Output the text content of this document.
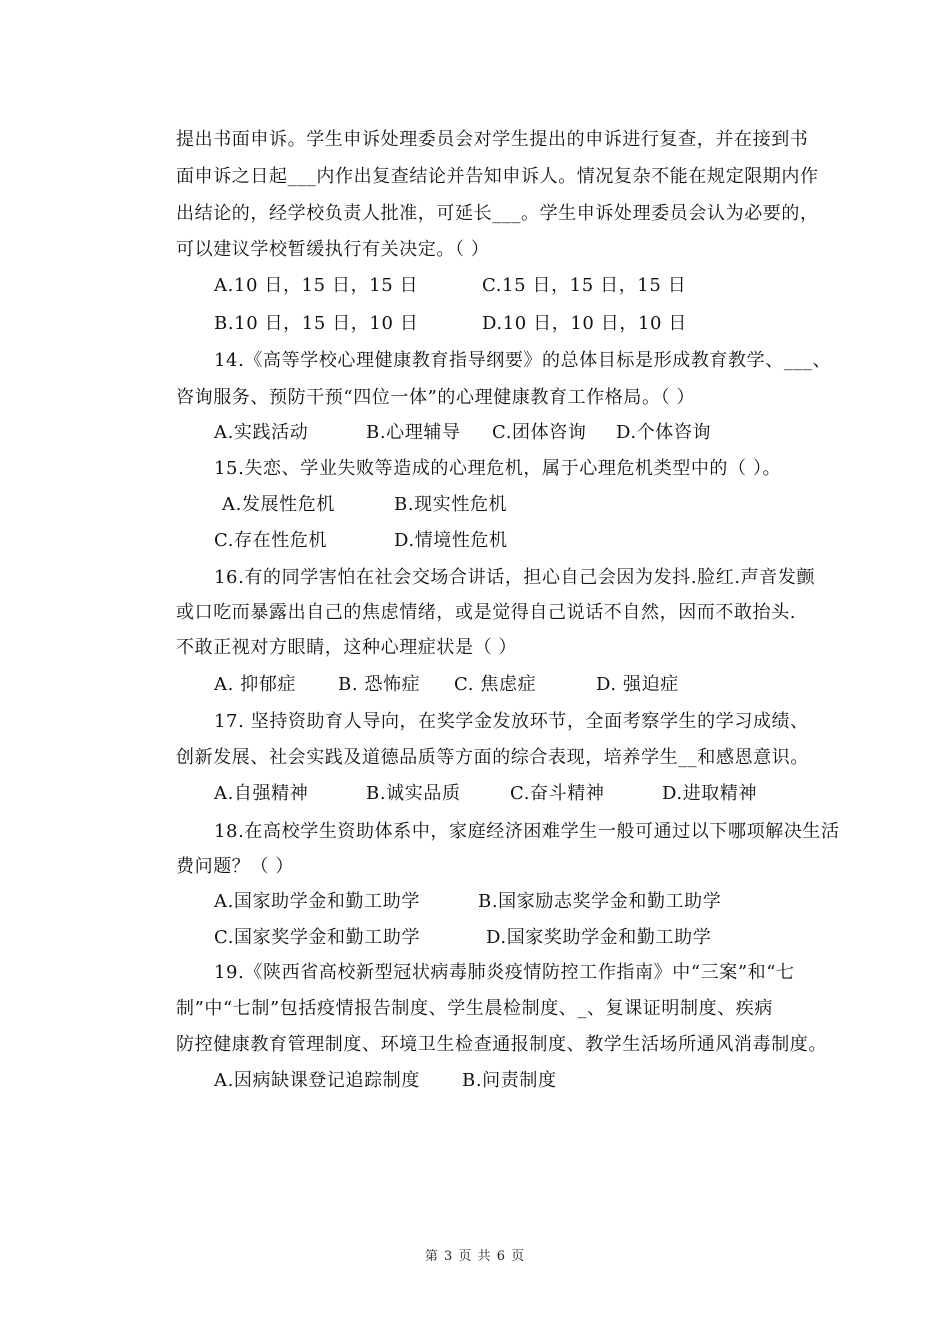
提出书面申诉。学生申诉处理委员会对学生提出的申诉进行复查，并在接到书
面申诉之日起___内作出复查结论并告知申诉人。情况复杂不能在规定限期内作
出结论的，经学校负责人批准，可延长___。学生申诉处理委员会认为必要的，
可以建议学校暂缓执行有关决定。（ ）
A.10 日，15 日，15 日	C.15 日，15 日，15 日
B.10 日，15 日，10 日	D.10 日，10 日，10 日
14.《高等学校心理健康教育指导纲要》的总体目标是形成教育教学、___、
咨询服务、预防干预“四位一体”的心理健康教育工作格局。（ ）
A.实践活动	B.心理辅导 C.团体咨询 D.个体咨询
15.失恋、学业失败等造成的心理危机，属于心理危机类型中的（ ）。
A.发展性危机	B.现实性危机
C.存在性危机	D.情境性危机
16.有的同学害怕在社会交场合讲话，担心自己会因为发抖.脸红.声音发颤
或口吃而暴露出自己的焦虑情绪，或是觉得自己说话不自然，因而不敢抬头.
不敢正视对方眼睛，这种心理症状是（ ）
A. 抑郁症 B. 恐怖症 C. 焦虑症	D. 强迫症
17. 坚持资助育人导向，在奖学金发放环节，全面考察学生的学习成绩、
创新发展、社会实践及道德品质等方面的综合表现，培养学生__和感恩意识。
A.自强精神	B.诚实品质	C.奋斗精神	D.进取精神
18.在高校学生资助体系中，家庭经济困难学生一般可通过以下哪项解决生活
费问题？（ ）
A.国家助学金和勤工助学	B.国家励志奖学金和勤工助学
C.国家奖学金和勤工助学	D.国家奖助学金和勤工助学
19.《陕西省高校新型冠状病毒肺炎疫情防控工作指南》中“三案”和“七
制”中“七制”包括疫情报告制度、学生晨检制度、_、复课证明制度、疾病
防控健康教育管理制度、环境卫生检查通报制度、教学生活场所通风消毒制度。
A.因病缺课登记追踪制度 B.问责制度
第 3 页 共 6 页
